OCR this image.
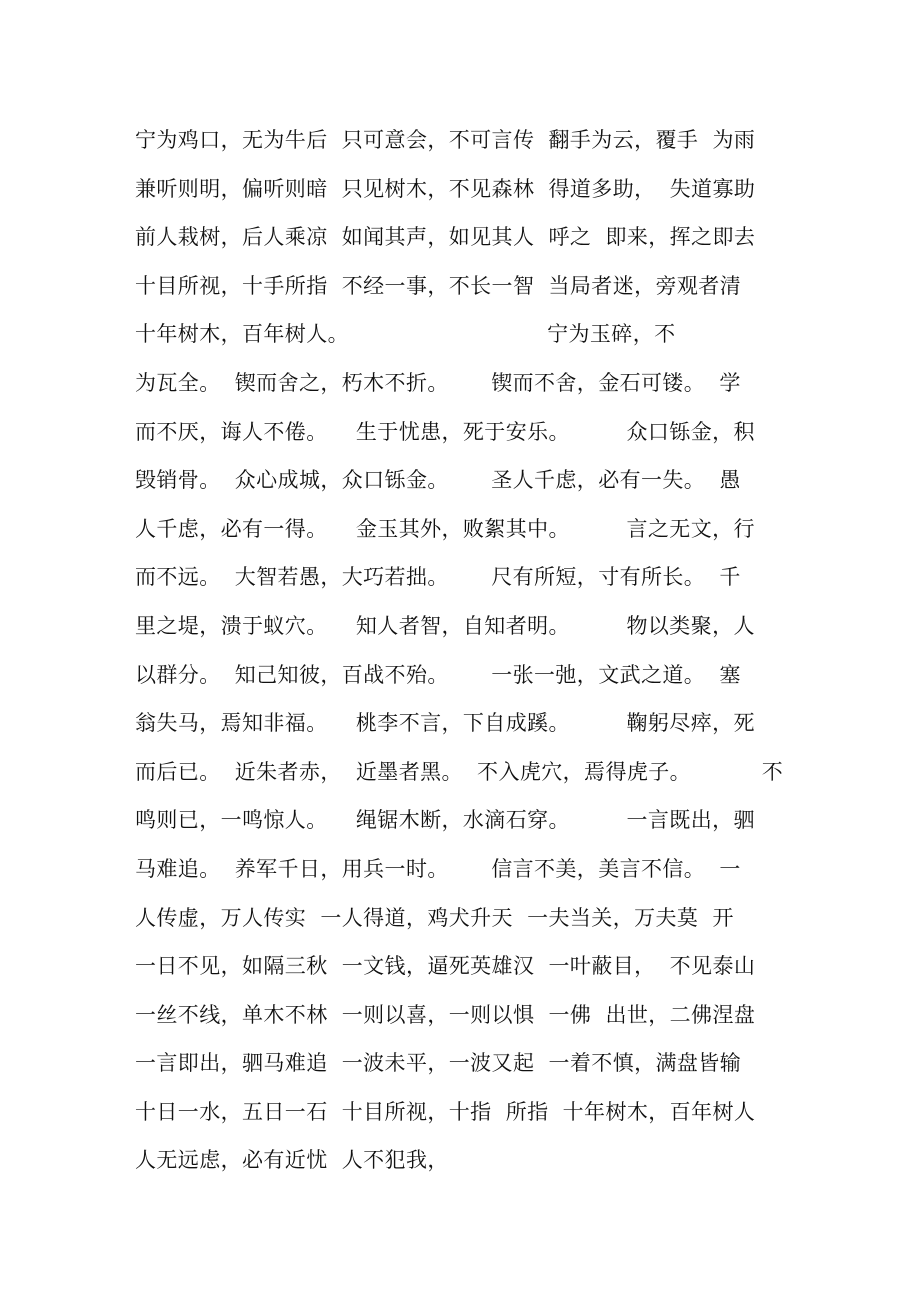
宁为鸡口，无为牛后  只可意会，不可言传  翻手为云，覆手  为雨
兼听则明，偏听则暗  只见树木，不见森林  得道多助，  失道寡助
前人栽树，后人乘凉  如闻其声，如见其人  呼之  即来，挥之即去
十目所视，十手所指  不经一事，不长一智  当局者迷，旁观者清
十年树木，百年树人。                            宁为玉碎，不
为瓦全。  锲而舍之，朽木不折。      锲而不舍，金石可镂。  学
而不厌，诲人不倦。    生于忧患，死于安乐。        众口铄金，积
毁销骨。  众心成城，众口铄金。      圣人千虑，必有一失。  愚
人千虑，必有一得。    金玉其外，败絮其中。        言之无文，行
而不远。  大智若愚，大巧若拙。      尺有所短，寸有所长。  千
里之堤，溃于蚁穴。    知人者智，自知者明。        物以类聚，人
以群分。  知己知彼，百战不殆。      一张一弛，文武之道。  塞
翁失马，焉知非福。    桃李不言，下自成蹊。        鞠躬尽瘁，死
而后已。  近朱者赤，  近墨者黑。  不入虎穴，焉得虎子。          不
鸣则已，一鸣惊人。    绳锯木断，水滴石穿。        一言既出，驷
马难追。  养军千日，用兵一时。      信言不美，美言不信。  一
人传虚，万人传实  一人得道，鸡犬升天  一夫当关，万夫莫  开
一日不见，如隔三秋  一文钱，逼死英雄汉  一叶蔽目，  不见泰山
一丝不线，单木不林  一则以喜，一则以惧  一佛  出世，二佛涅盘
一言即出，驷马难追  一波未平，一波又起  一着不慎，满盘皆输
十日一水，五日一石  十目所视，十指  所指  十年树木，百年树人
人无远虑，必有近忧  人不犯我，
